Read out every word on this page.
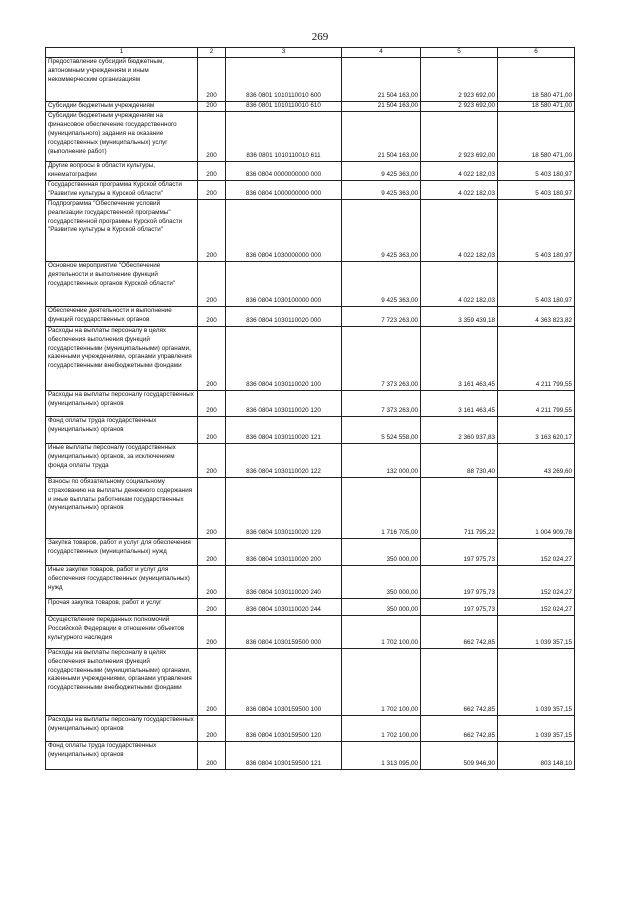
269
1	2	3	4	5	6
Предоставление субсидий бюджетным, автономным учреждениям и иным некоммерческим организациям	200	836 0801 1010110010 600	21 504 163,00	2 923 692,00	18 580 471,00
Субсидии бюджетным учреждениям	200	836 0801 1010110010 610	21 504 163,00	2 923 692,00	18 580 471,00
Субсидии бюджетным учреждениям на финансовое обеспечение государственного (муниципального) задания на оказание государственных (муниципальных) услуг (выполнение работ)	200	836 0801 1010110010 611	21 504 163,00	2 923 692,00	18 580 471,00
Другие вопросы в области культуры, кинематографии	200	836 0804 0000000000 000	9 425 363,00	4 022 182,03	5 403 180,97
Государственная программа Курской области "Развитие культуры в Курской области"	200	836 0804 1000000000 000	9 425 363,00	4 022 182,03	5 403 180,97
Подпрограмма "Обеспечение условий реализации государственной программы" государственной программы Курской области "Развитие культуры в Курской области"	200	836 0804 1030000000 000	9 425 363,00	4 022 182,03	5 403 180,97
Основное мероприятие "Обеспечение деятельности и выполнение функций государственных органов Курской области"	200	836 0804 1030100000 000	9 425 363,00	4 022 182,03	5 403 180,97
Обеспечение деятельности и выполнение функций государственных органов	200	836 0804 1030110020 000	7 723 263,00	3 359 439,18	4 363 823,82
Расходы на выплаты персоналу в целях обеспечения выполнения функций государственными (муниципальными) органами, казенными учреждениями, органами управления государственными внебюджетными фондами	200	836 0804 1030110020 100	7 373 263,00	3 161 463,45	4 211 799,55
Расходы на выплаты персоналу государственных (муниципальных) органов	200	836 0804 1030110020 120	7 373 263,00	3 161 463,45	4 211 799,55
Фонд оплаты труда государственных (муниципальных) органов	200	836 0804 1030110020 121	5 524 558,00	2 360 937,83	3 163 620,17
Иные выплаты персоналу государственных (муниципальных) органов, за исключением фонда оплаты труда	200	836 0804 1030110020 122	132 000,00	88 730,40	43 269,60
Взносы по обязательному социальному страхованию на выплаты денежного содержания и иные выплаты работникам государственных (муниципальных) органов	200	836 0804 1030110020 129	1 716 705,00	711 795,22	1 004 909,78
Закупка товаров, работ и услуг для обеспечения государственных (муниципальных) нужд	200	836 0804 1030110020 200	350 000,00	197 975,73	152 024,27
Иные закупки товаров, работ и услуг для обеспечения государственных (муниципальных) нужд	200	836 0804 1030110020 240	350 000,00	197 975,73	152 024,27
Прочая закупка товаров, работ и услуг	200	836 0804 1030110020 244	350 000,00	197 975,73	152 024,27
Осуществление переданных полномочий Российской Федерации в отношении объектов культурного наследия	200	836 0804 1030159500 000	1 702 100,00	662 742,85	1 039 357,15
Расходы на выплаты персоналу в целях обеспечения выполнения функций государственными (муниципальными) органами, казенными учреждениями, органами управления государственными внебюджетными фондами	200	836 0804 1030159500 100	1 702 100,00	662 742,85	1 039 357,15
Расходы на выплаты персоналу государственных (муниципальных) органов	200	836 0804 1030159500 120	1 702 100,00	662 742,85	1 039 357,15
Фонд оплаты труда государственных (муниципальных) органов	200	836 0804 1030159500 121	1 313 095,00	509 946,90	803 148,10
